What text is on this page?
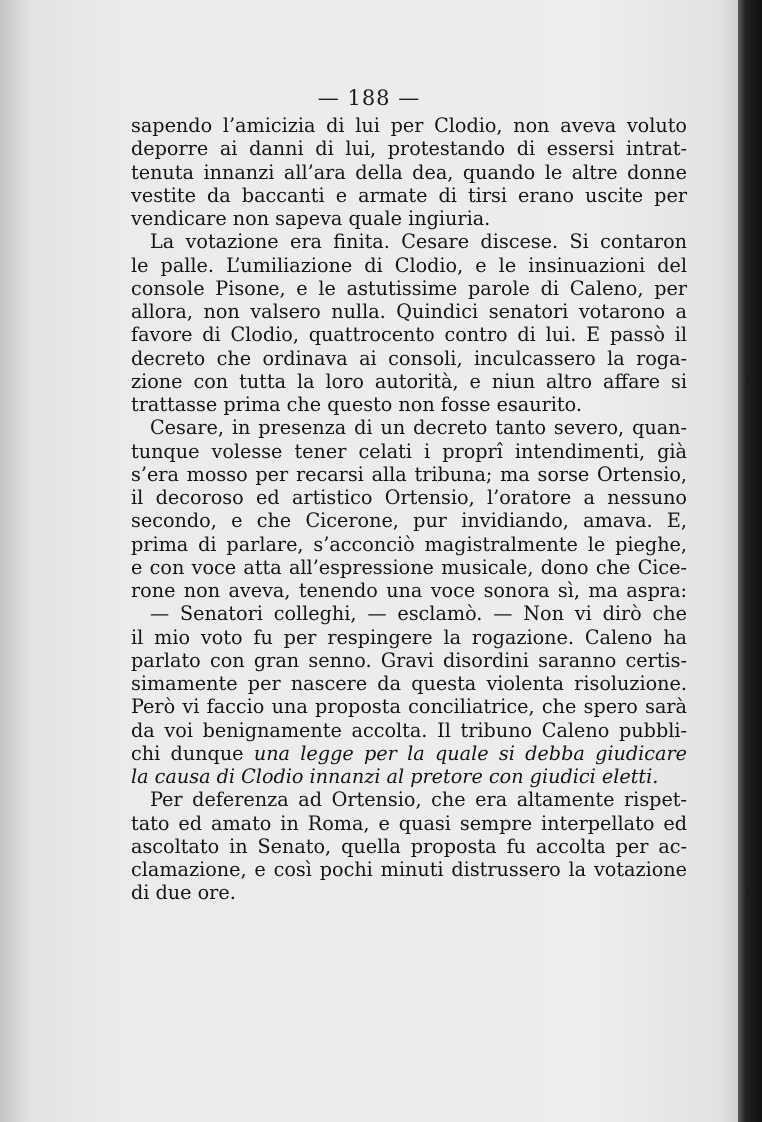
— 188 —
sapendo l’amicizia di lui per Clodio, non aveva voluto
deporre ai danni di lui, protestando di essersi intrat-
tenuta innanzi all’ara della dea, quando le altre donne
vestite da baccanti e armate di tirsi erano uscite per
vendicare non sapeva quale ingiuria.
La votazione era finita. Cesare discese. Si contaron
le palle. L’umiliazione di Clodio, e le insinuazioni del
console Pisone, e le astutissime parole di Caleno, per
allora, non valsero nulla. Quindici senatori votarono a
favore di Clodio, quattrocento contro di lui. E passò il
decreto che ordinava ai consoli, inculcassero la roga-
zione con tutta la loro autorità, e niun altro affare si
trattasse prima che questo non fosse esaurito.
Cesare, in presenza di un decreto tanto severo, quan-
tunque volesse tener celati i proprî intendimenti, già
s’era mosso per recarsi alla tribuna; ma sorse Ortensio,
il decoroso ed artistico Ortensio, l’oratore a nessuno
secondo, e che Cicerone, pur invidiando, amava. E,
prima di parlare, s’acconciò magistralmente le pieghe,
e con voce atta all’espressione musicale, dono che Cice-
rone non aveva, tenendo una voce sonora sì, ma aspra:
— Senatori colleghi, — esclamò. — Non vi dirò che
il mio voto fu per respingere la rogazione. Caleno ha
parlato con gran senno. Gravi disordini saranno certis-
simamente per nascere da questa violenta risoluzione.
Però vi faccio una proposta conciliatrice, che spero sarà
da voi benignamente accolta. Il tribuno Caleno pubbli-
chi dunque una legge per la quale si debba giudicare
la causa di Clodio innanzi al pretore con giudici eletti.
Per deferenza ad Ortensio, che era altamente rispet-
tato ed amato in Roma, e quasi sempre interpellato ed
ascoltato in Senato, quella proposta fu accolta per ac-
clamazione, e così pochi minuti distrussero la votazione
di due ore.
